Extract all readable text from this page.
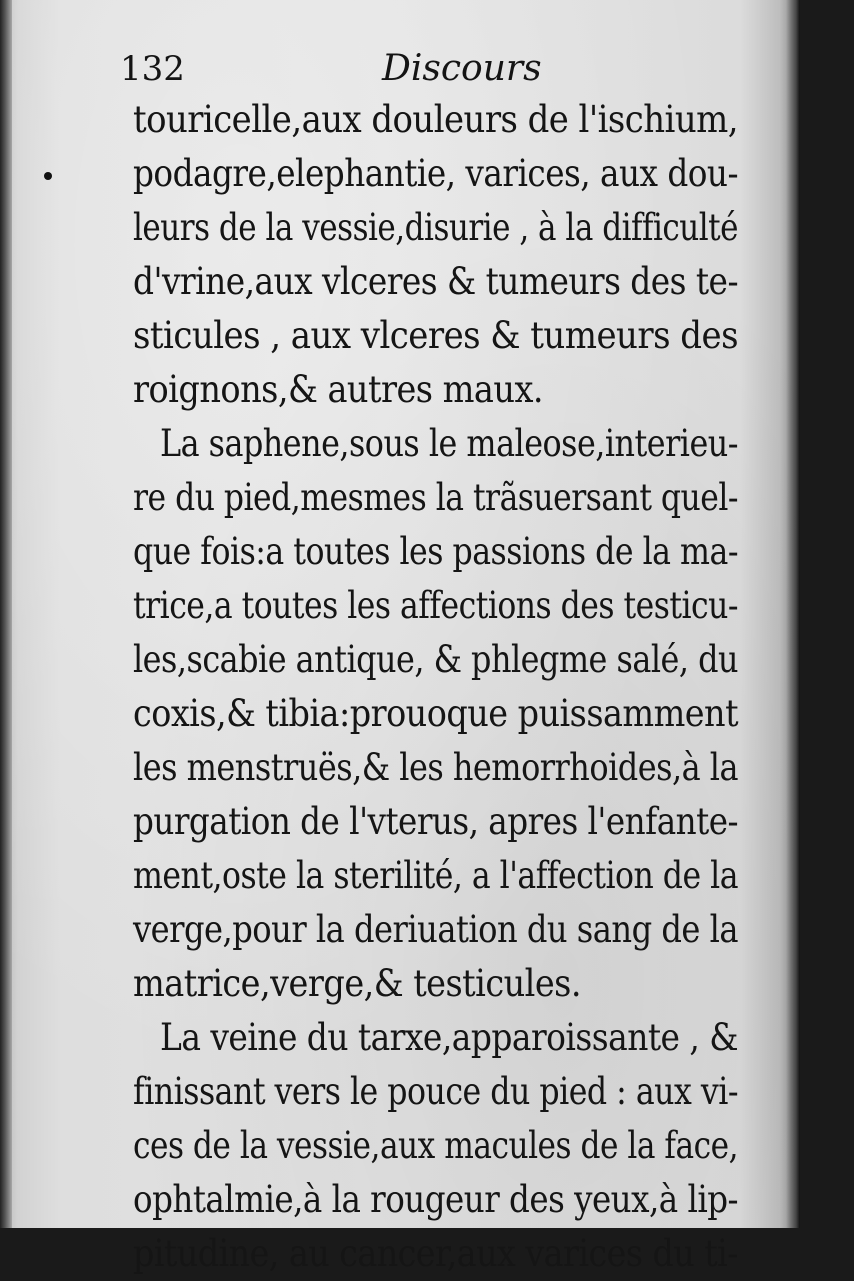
132	Discours
touricelle,aux douleurs de l'ischium,
podagre,elephantie, varices, aux dou-
leurs de la vessie,disurie , à la difficulté
d'vrine,aux vlceres & tumeurs des te-
sticules , aux vlceres & tumeurs des
roignons,& autres maux.
La saphene,sous le maleose,interieu-
re du pied,mesmes la trãsuersant quel-
que fois:a toutes les passions de la ma-
trice,a toutes les affections des testicu-
les,scabie antique, & phlegme salé, du
coxis,& tibia:prouoque puissamment
les menstruës,& les hemorrhoides,à la
purgation de l'vterus, apres l'enfante-
ment,oste la sterilité, a l'affection de la
verge,pour la deriuation du sang de la
matrice,verge,& testicules.
La veine du tarxe,apparoissante , &
finissant vers le pouce du pied : aux vi-
ces de la vessie,aux macules de la face,
ophtalmie,à la rougeur des yeux,à lip-
pitudine, au cancer,aux varices du ti-
